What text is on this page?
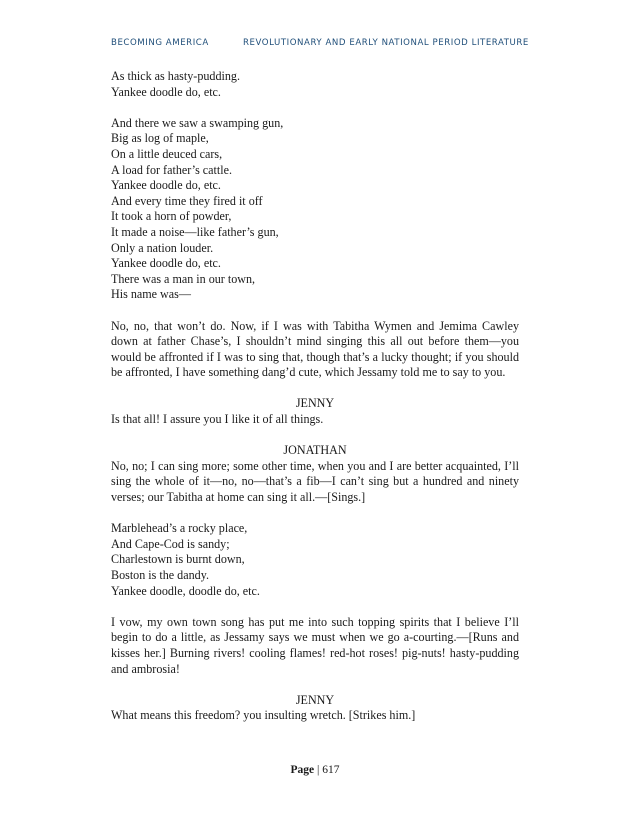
BECOMING AMERICA	REVOLUTIONARY AND EARLY NATIONAL PERIOD LITERATURE
As thick as hasty-pudding.
Yankee doodle do, etc.
And there we saw a swamping gun,
Big as log of maple,
On a little deuced cars,
A load for father’s cattle.
Yankee doodle do, etc.
And every time they fired it off
It took a horn of powder,
It made a noise—like father’s gun,
Only a nation louder.
Yankee doodle do, etc.
There was a man in our town,
His name was—

No, no, that won’t do. Now, if I was with Tabitha Wymen and Jemima Cawley down at father Chase’s, I shouldn’t mind singing this all out before them—you would be affronted if I was to sing that, though that’s a lucky thought; if you should be affronted, I have something dang’d cute, which Jessamy told me to say to you.

JENNY

Is that all! I assure you I like it of all things.

JONATHAN

No, no; I can sing more; some other time, when you and I are better acquainted, I’ll sing the whole of it—no, no—that’s a fib—I can’t sing but a hundred and ninety verses; our Tabitha at home can sing it all.—[Sings.]

Marblehead’s a rocky place,
And Cape-Cod is sandy;
Charlestown is burnt down,
Boston is the dandy.
Yankee doodle, doodle do, etc.

I vow, my own town song has put me into such topping spirits that I believe I’ll begin to do a little, as Jessamy says we must when we go a-courting.—[Runs and kisses her.] Burning rivers! cooling flames! red-hot roses! pig-nuts! hasty-pudding and ambrosia!

JENNY

What means this freedom? you insulting wretch. [Strikes him.]

Page | 617
